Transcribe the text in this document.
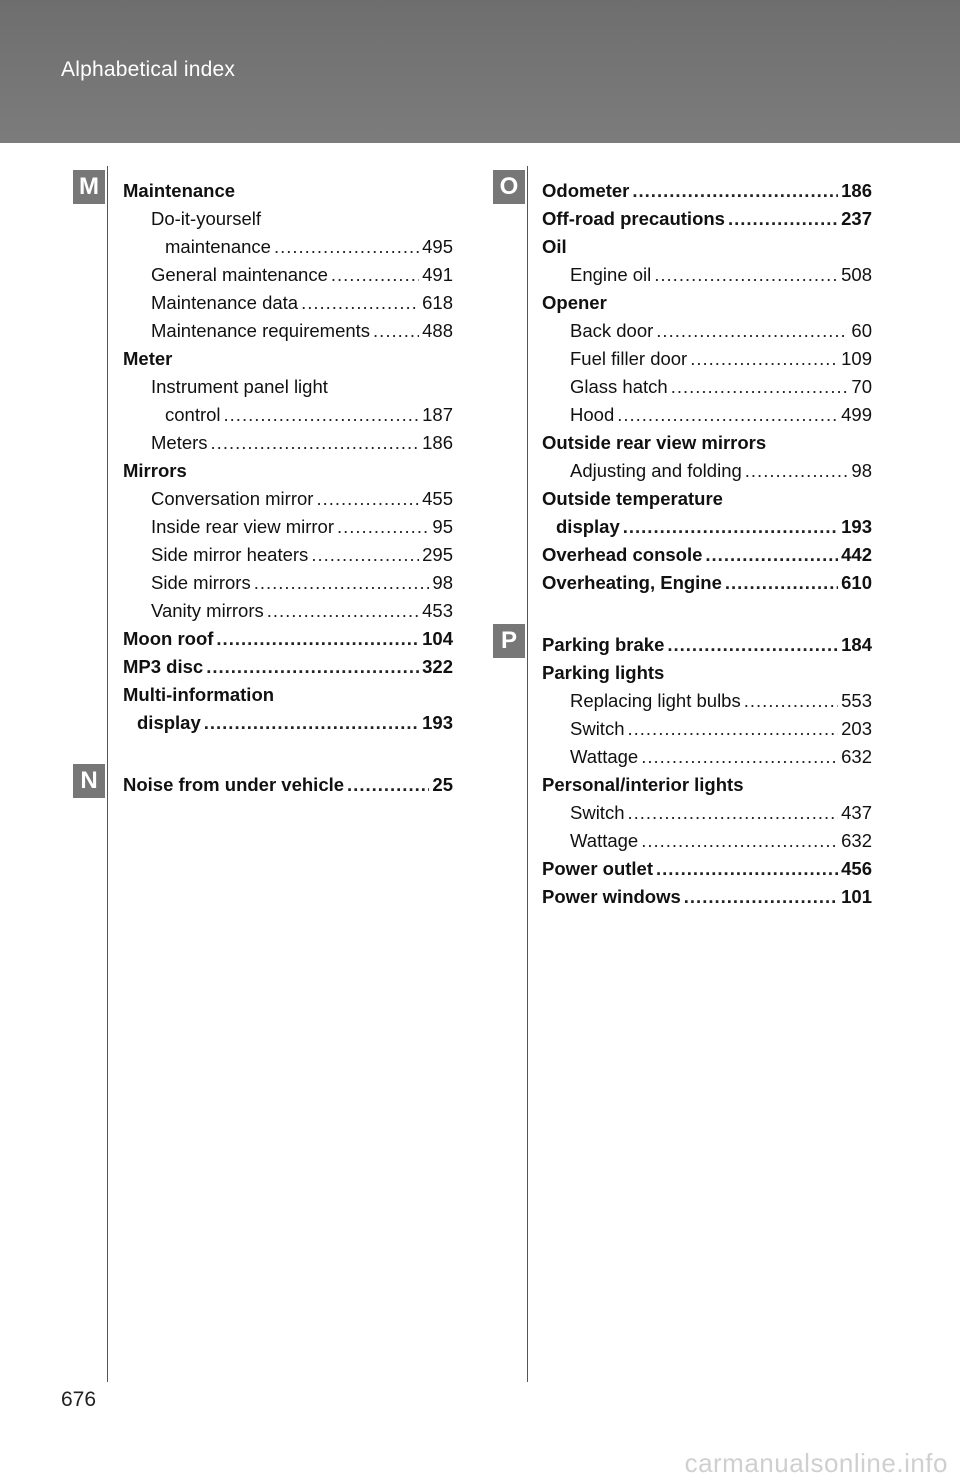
Alphabetical index
M	Maintenance
Do-it-yourself
maintenance .....	495
General maintenance .....	491
Maintenance data .....	618
Maintenance requirements .....	488
Meter
Instrument panel light
control .....	187
Meters .....	186
Mirrors
Conversation mirror .....	455
Inside rear view mirror .....	95
Side mirror heaters .....	295
Side mirrors .....	98
Vanity mirrors .....	453
Moon roof .....	104
MP3 disc .....	322
Multi-information
display .....	193
N	Noise from under vehicle .....	25
O	Odometer .....	186
Off-road precautions .....	237
Oil
Engine oil .....	508
Opener
Back door .....	60
Fuel filler door .....	109
Glass hatch .....	70
Hood .....	499
Outside rear view mirrors
Adjusting and folding .....	98
Outside temperature
display .....	193
Overhead console .....	442
Overheating, Engine .....	610
P	Parking brake .....	184
Parking lights
Replacing light bulbs .....	553
Switch .....	203
Wattage .....	632
Personal/interior lights
Switch .....	437
Wattage .....	632
Power outlet .....	456
Power windows .....	101
676
carmanualsonline.info
